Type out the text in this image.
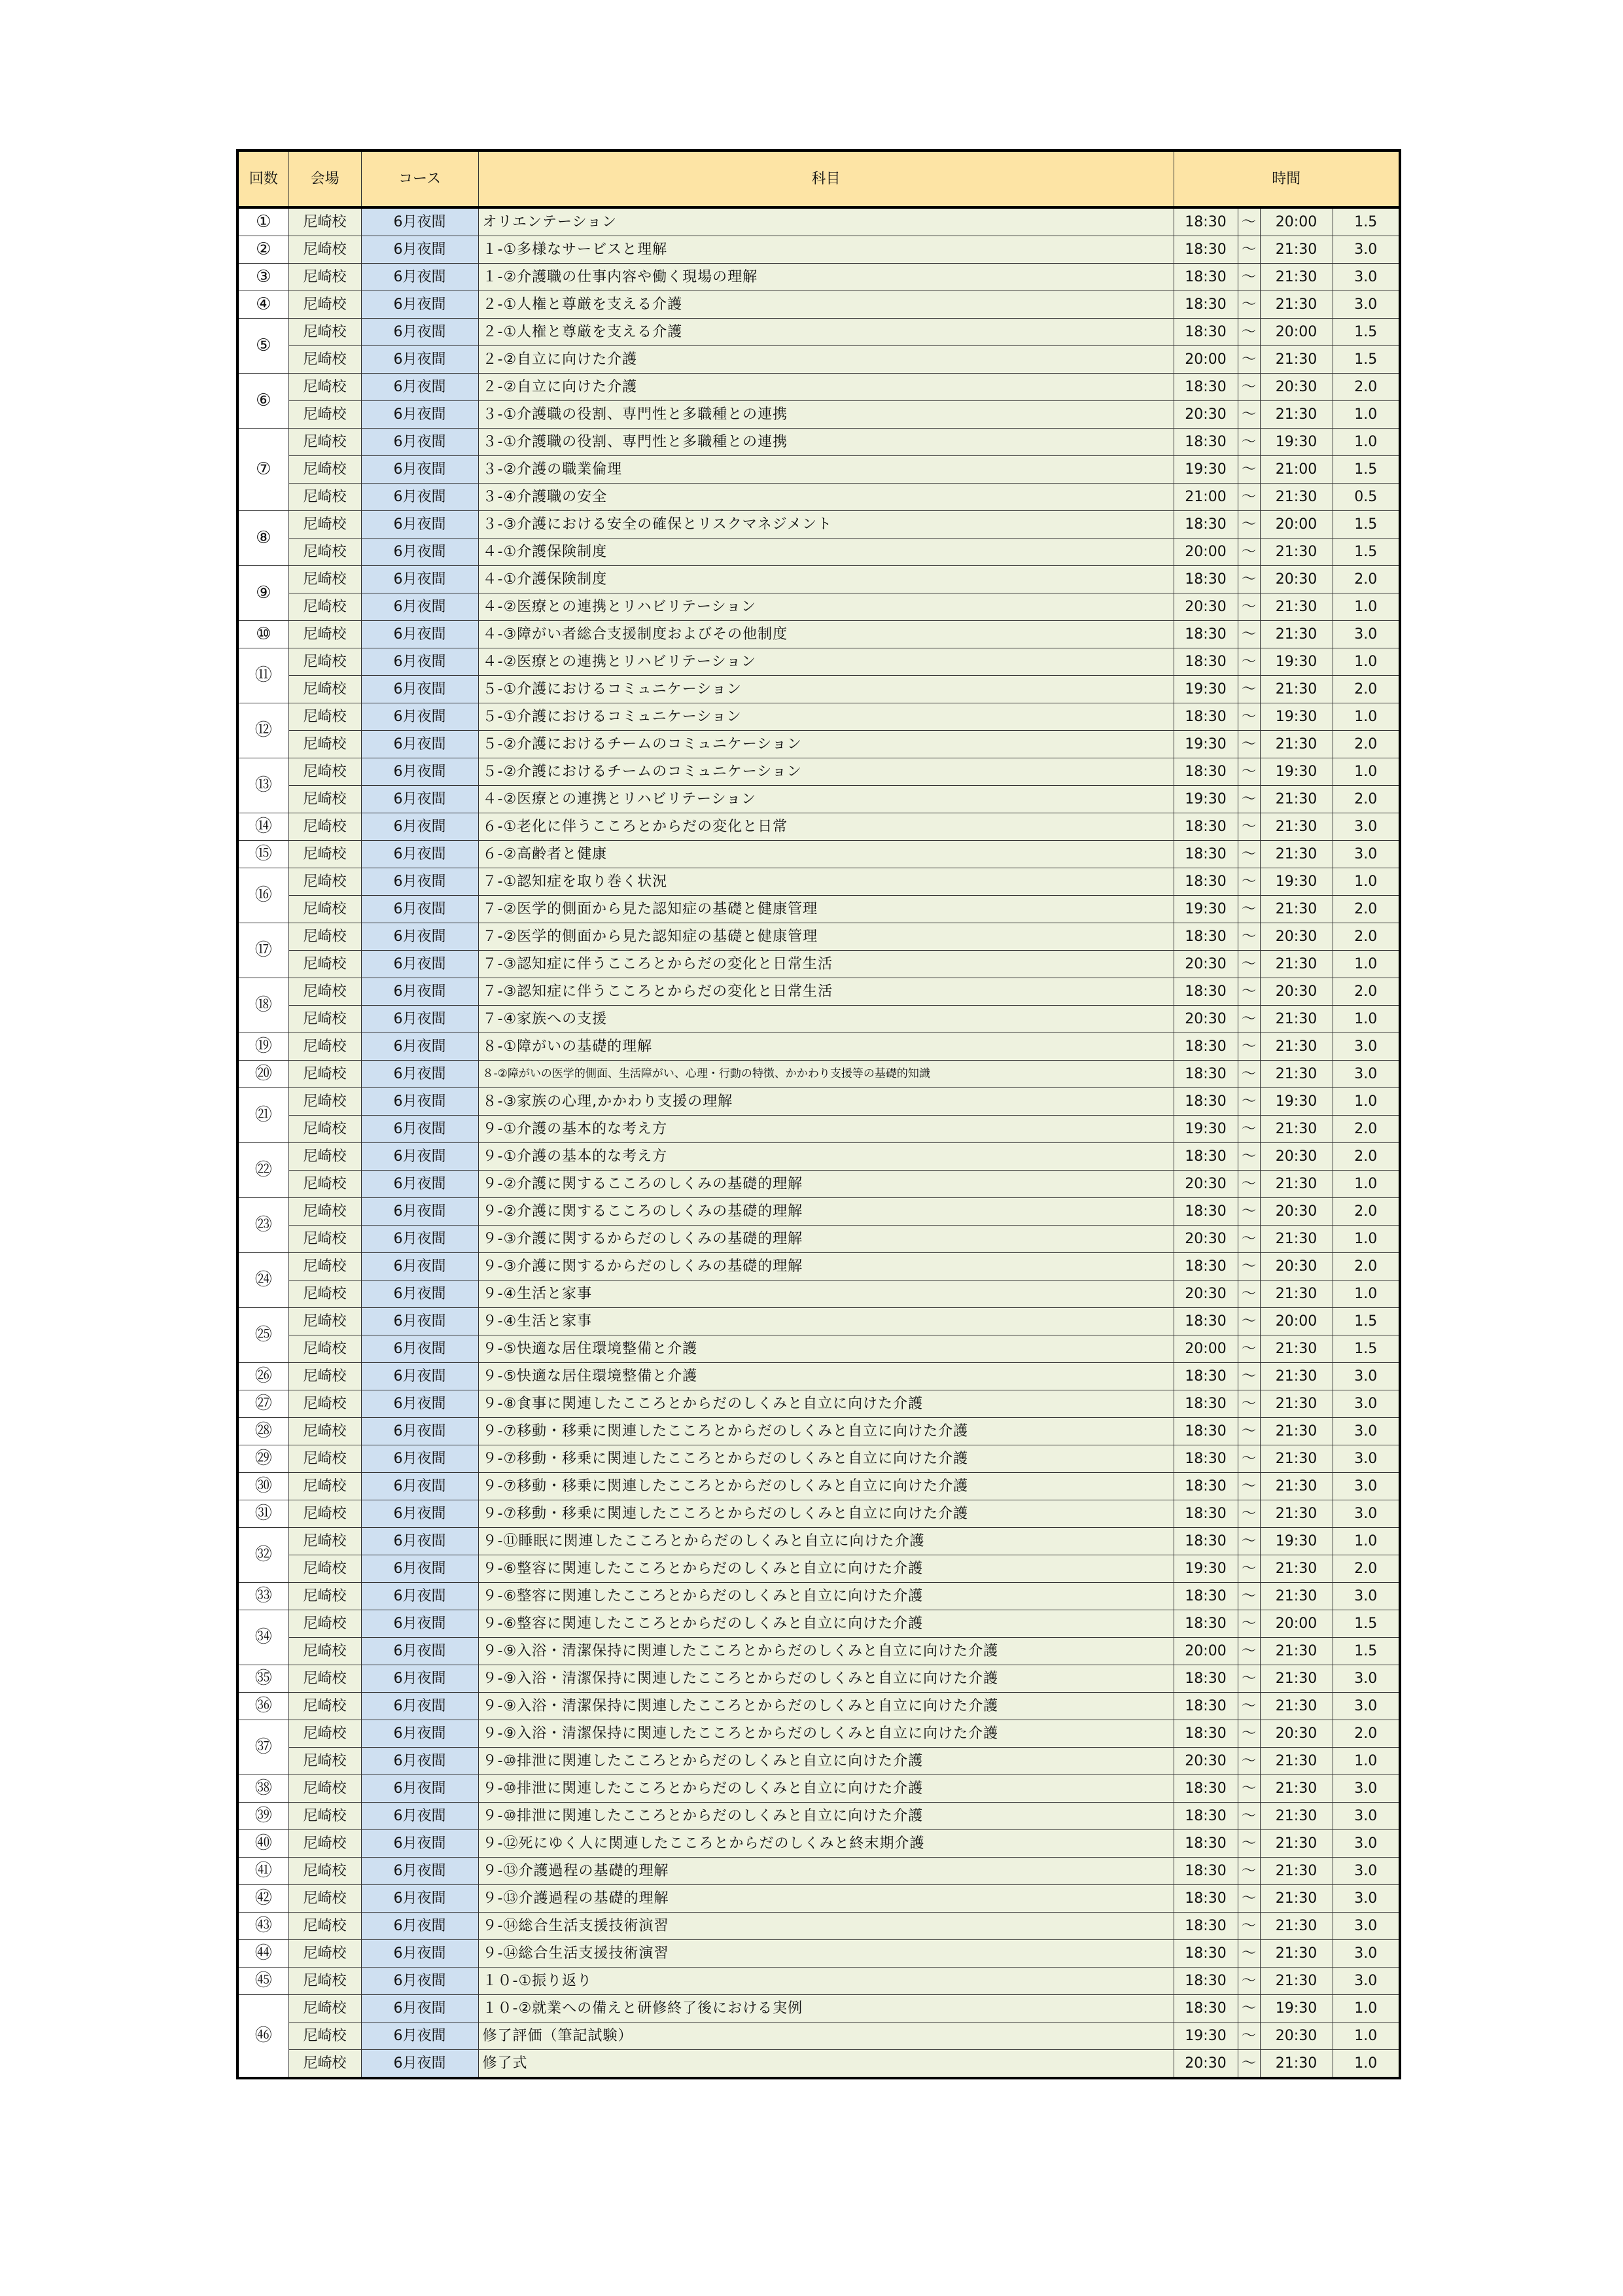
回数	会場	コース	科目	時間			
①	尼崎校	6月夜間	オリエンテーション	18:30	～	20:00	1.5
②	尼崎校	6月夜間	１-①多様なサービスと理解	18:30	～	21:30	3.0
③	尼崎校	6月夜間	１-②介護職の仕事内容や働く現場の理解	18:30	～	21:30	3.0
④	尼崎校	6月夜間	２-①人権と尊厳を支える介護	18:30	～	21:30	3.0
⑤	尼崎校	6月夜間	２-①人権と尊厳を支える介護	18:30	～	20:00	1.5
	尼崎校	6月夜間	２-②自立に向けた介護	20:00	～	21:30	1.5
⑥	尼崎校	6月夜間	２-②自立に向けた介護	18:30	～	20:30	2.0
	尼崎校	6月夜間	３-①介護職の役割、専門性と多職種との連携	20:30	～	21:30	1.0
⑦	尼崎校	6月夜間	３-①介護職の役割、専門性と多職種との連携	18:30	～	19:30	1.0
	尼崎校	6月夜間	３-②介護の職業倫理	19:30	～	21:00	1.5
	尼崎校	6月夜間	３-④介護職の安全	21:00	～	21:30	0.5
⑧	尼崎校	6月夜間	３-③介護における安全の確保とリスクマネジメント	18:30	～	20:00	1.5
	尼崎校	6月夜間	４-①介護保険制度	20:00	～	21:30	1.5
⑨	尼崎校	6月夜間	４-①介護保険制度	18:30	～	20:30	2.0
	尼崎校	6月夜間	４-②医療との連携とリハビリテーション	20:30	～	21:30	1.0
⑩	尼崎校	6月夜間	４-③障がい者総合支援制度およびその他制度	18:30	～	21:30	3.0
⑪	尼崎校	6月夜間	４-②医療との連携とリハビリテーション	18:30	～	19:30	1.0
	尼崎校	6月夜間	５-①介護におけるコミュニケーション	19:30	～	21:30	2.0
⑫	尼崎校	6月夜間	５-①介護におけるコミュニケーション	18:30	～	19:30	1.0
	尼崎校	6月夜間	５-②介護におけるチームのコミュニケーション	19:30	～	21:30	2.0
⑬	尼崎校	6月夜間	５-②介護におけるチームのコミュニケーション	18:30	～	19:30	1.0
	尼崎校	6月夜間	４-②医療との連携とリハビリテーション	19:30	～	21:30	2.0
⑭	尼崎校	6月夜間	６-①老化に伴うこころとからだの変化と日常	18:30	～	21:30	3.0
⑮	尼崎校	6月夜間	６-②高齢者と健康	18:30	～	21:30	3.0
⑯	尼崎校	6月夜間	７-①認知症を取り巻く状況	18:30	～	19:30	1.0
	尼崎校	6月夜間	７-②医学的側面から見た認知症の基礎と健康管理	19:30	～	21:30	2.0
⑰	尼崎校	6月夜間	７-②医学的側面から見た認知症の基礎と健康管理	18:30	～	20:30	2.0
	尼崎校	6月夜間	７-③認知症に伴うこころとからだの変化と日常生活	20:30	～	21:30	1.0
⑱	尼崎校	6月夜間	７-③認知症に伴うこころとからだの変化と日常生活	18:30	～	20:30	2.0
	尼崎校	6月夜間	７-④家族への支援	20:30	～	21:30	1.0
⑲	尼崎校	6月夜間	８-①障がいの基礎的理解	18:30	～	21:30	3.0
⑳	尼崎校	6月夜間	８-②障がいの医学的側面、生活障がい、心理・行動の特徴、かかわり支援等の基礎的知識	18:30	～	21:30	3.0
㉑	尼崎校	6月夜間	８-③家族の心理,かかわり支援の理解	18:30	～	19:30	1.0
	尼崎校	6月夜間	９-①介護の基本的な考え方	19:30	～	21:30	2.0
㉒	尼崎校	6月夜間	９-①介護の基本的な考え方	18:30	～	20:30	2.0
	尼崎校	6月夜間	９-②介護に関するこころのしくみの基礎的理解	20:30	～	21:30	1.0
㉓	尼崎校	6月夜間	９-②介護に関するこころのしくみの基礎的理解	18:30	～	20:30	2.0
	尼崎校	6月夜間	９-③介護に関するからだのしくみの基礎的理解	20:30	～	21:30	1.0
㉔	尼崎校	6月夜間	９-③介護に関するからだのしくみの基礎的理解	18:30	～	20:30	2.0
	尼崎校	6月夜間	９-④生活と家事	20:30	～	21:30	1.0
㉕	尼崎校	6月夜間	９-④生活と家事	18:30	～	20:00	1.5
	尼崎校	6月夜間	９-⑤快適な居住環境整備と介護	20:00	～	21:30	1.5
㉖	尼崎校	6月夜間	９-⑤快適な居住環境整備と介護	18:30	～	21:30	3.0
㉗	尼崎校	6月夜間	９-⑧食事に関連したこころとからだのしくみと自立に向けた介護	18:30	～	21:30	3.0
㉘	尼崎校	6月夜間	９-⑦移動・移乗に関連したこころとからだのしくみと自立に向けた介護	18:30	～	21:30	3.0
㉙	尼崎校	6月夜間	９-⑦移動・移乗に関連したこころとからだのしくみと自立に向けた介護	18:30	～	21:30	3.0
㉚	尼崎校	6月夜間	９-⑦移動・移乗に関連したこころとからだのしくみと自立に向けた介護	18:30	～	21:30	3.0
㉛	尼崎校	6月夜間	９-⑦移動・移乗に関連したこころとからだのしくみと自立に向けた介護	18:30	～	21:30	3.0
㉜	尼崎校	6月夜間	９-⑪睡眠に関連したこころとからだのしくみと自立に向けた介護	18:30	～	19:30	1.0
	尼崎校	6月夜間	９-⑥整容に関連したこころとからだのしくみと自立に向けた介護	19:30	～	21:30	2.0
㉝	尼崎校	6月夜間	９-⑥整容に関連したこころとからだのしくみと自立に向けた介護	18:30	～	21:30	3.0
㉞	尼崎校	6月夜間	９-⑥整容に関連したこころとからだのしくみと自立に向けた介護	18:30	～	20:00	1.5
	尼崎校	6月夜間	９-⑨入浴・清潔保持に関連したこころとからだのしくみと自立に向けた介護	20:00	～	21:30	1.5
㉟	尼崎校	6月夜間	９-⑨入浴・清潔保持に関連したこころとからだのしくみと自立に向けた介護	18:30	～	21:30	3.0
㊱	尼崎校	6月夜間	９-⑨入浴・清潔保持に関連したこころとからだのしくみと自立に向けた介護	18:30	～	21:30	3.0
㊲	尼崎校	6月夜間	９-⑨入浴・清潔保持に関連したこころとからだのしくみと自立に向けた介護	18:30	～	20:30	2.0
	尼崎校	6月夜間	９-⑩排泄に関連したこころとからだのしくみと自立に向けた介護	20:30	～	21:30	1.0
㊳	尼崎校	6月夜間	９-⑩排泄に関連したこころとからだのしくみと自立に向けた介護	18:30	～	21:30	3.0
㊴	尼崎校	6月夜間	９-⑩排泄に関連したこころとからだのしくみと自立に向けた介護	18:30	～	21:30	3.0
㊵	尼崎校	6月夜間	９-⑫死にゆく人に関連したこころとからだのしくみと終末期介護	18:30	～	21:30	3.0
㊶	尼崎校	6月夜間	９-⑬介護過程の基礎的理解	18:30	～	21:30	3.0
㊷	尼崎校	6月夜間	９-⑬介護過程の基礎的理解	18:30	～	21:30	3.0
㊸	尼崎校	6月夜間	９-⑭総合生活支援技術演習	18:30	～	21:30	3.0
㊹	尼崎校	6月夜間	９-⑭総合生活支援技術演習	18:30	～	21:30	3.0
㊺	尼崎校	6月夜間	１０-①振り返り	18:30	～	21:30	3.0
㊻	尼崎校	6月夜間	１０-②就業への備えと研修終了後における実例	18:30	～	19:30	1.0
	尼崎校	6月夜間	修了評価（筆記試験）	19:30	～	20:30	1.0
	尼崎校	6月夜間	修了式	20:30	～	21:30	1.0
